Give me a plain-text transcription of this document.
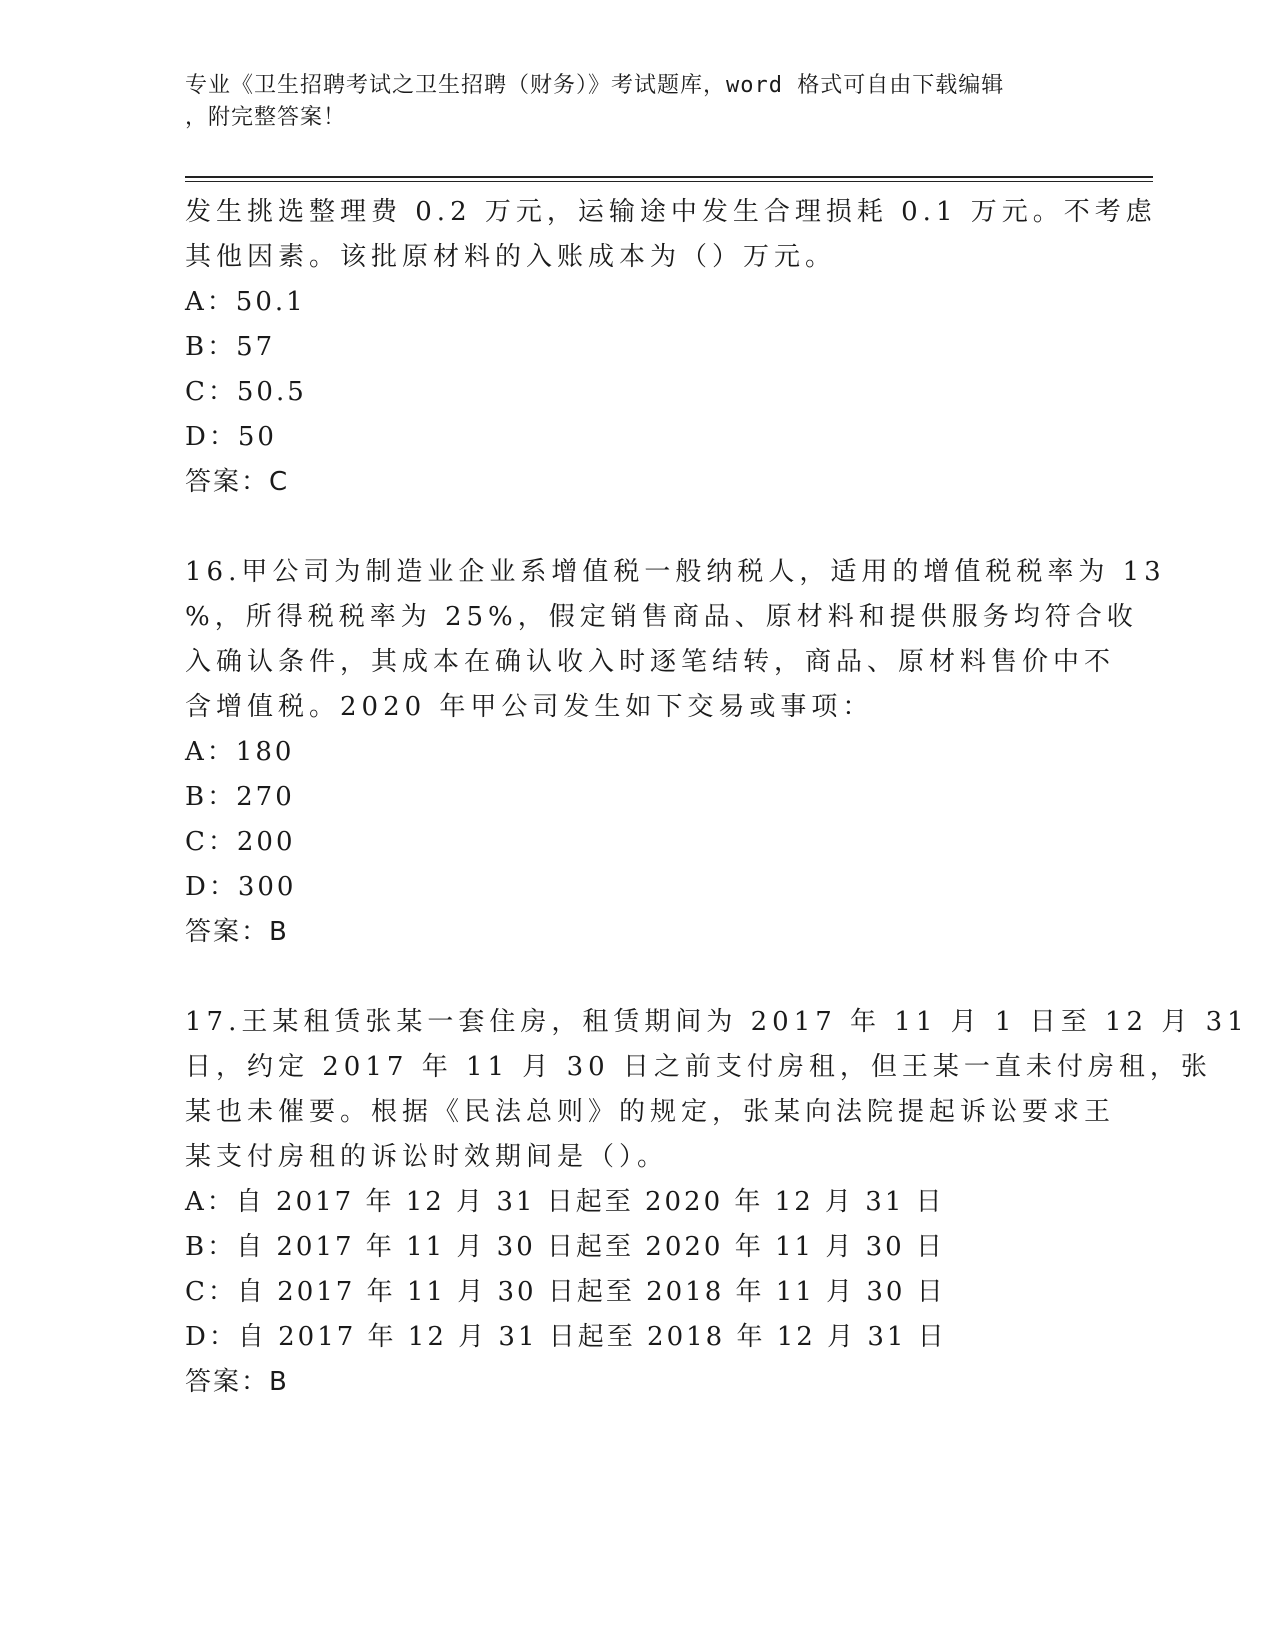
专业《卫生招聘考试之卫生招聘（财务）》考试题库，word 格式可自由下载编辑
，附完整答案！
发生挑选整理费 0.2 万元，运输途中发生合理损耗 0.1 万元。不考虑
其他因素。该批原材料的入账成本为（）万元。
A：50.1
B：57
C：50.5
D：50
答案：C
16.甲公司为制造业企业系增值税一般纳税人，适用的增值税税率为 13
%，所得税税率为 25%，假定销售商品、原材料和提供服务均符合收
入确认条件，其成本在确认收入时逐笔结转，商品、原材料售价中不
含增值税。2020 年甲公司发生如下交易或事项：
A：180
B：270
C：200
D：300
答案：B
17.王某租赁张某一套住房，租赁期间为 2017 年 11 月 1 日至 12 月 31
日，约定 2017 年 11 月 30 日之前支付房租，但王某一直未付房租，张
某也未催要。根据《民法总则》的规定，张某向法院提起诉讼要求王
某支付房租的诉讼时效期间是（）。
A：自 2017 年 12 月 31 日起至 2020 年 12 月 31 日
B：自 2017 年 11 月 30 日起至 2020 年 11 月 30 日
C：自 2017 年 11 月 30 日起至 2018 年 11 月 30 日
D：自 2017 年 12 月 31 日起至 2018 年 12 月 31 日
答案：B
